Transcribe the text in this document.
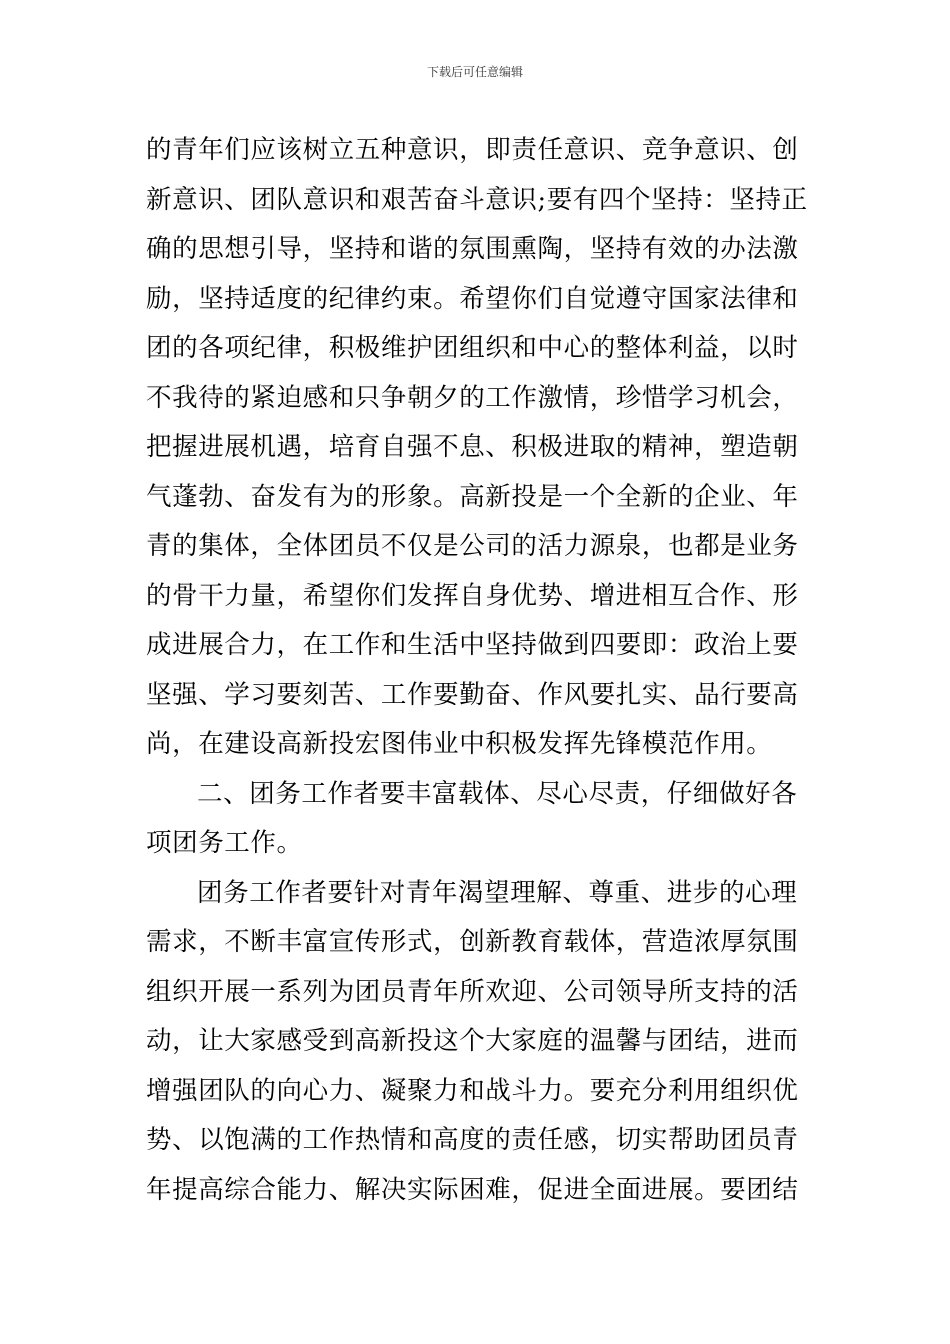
下载后可任意编辑
的青年们应该树立五种意识，即责任意识、竞争意识、创
新意识、团队意识和艰苦奋斗意识;要有四个坚持：坚持正
确的思想引导，坚持和谐的氛围熏陶，坚持有效的办法激
励，坚持适度的纪律约束。希望你们自觉遵守国家法律和
团的各项纪律，积极维护团组织和中心的整体利益，以时
不我待的紧迫感和只争朝夕的工作激情，珍惜学习机会，
把握进展机遇，培育自强不息、积极进取的精神，塑造朝
气蓬勃、奋发有为的形象。高新投是一个全新的企业、年
青的集体，全体团员不仅是公司的活力源泉，也都是业务
的骨干力量，希望你们发挥自身优势、增进相互合作、形
成进展合力，在工作和生活中坚持做到四要即：政治上要
坚强、学习要刻苦、工作要勤奋、作风要扎实、品行要高
尚，在建设高新投宏图伟业中积极发挥先锋模范作用。
二、团务工作者要丰富载体、尽心尽责，仔细做好各
项团务工作。
团务工作者要针对青年渴望理解、尊重、进步的心理
需求，不断丰富宣传形式，创新教育载体，营造浓厚氛围
组织开展一系列为团员青年所欢迎、公司领导所支持的活
动，让大家感受到高新投这个大家庭的温馨与团结，进而
增强团队的向心力、凝聚力和战斗力。要充分利用组织优
势、以饱满的工作热情和高度的责任感，切实帮助团员青
年提高综合能力、解决实际困难，促进全面进展。要团结
